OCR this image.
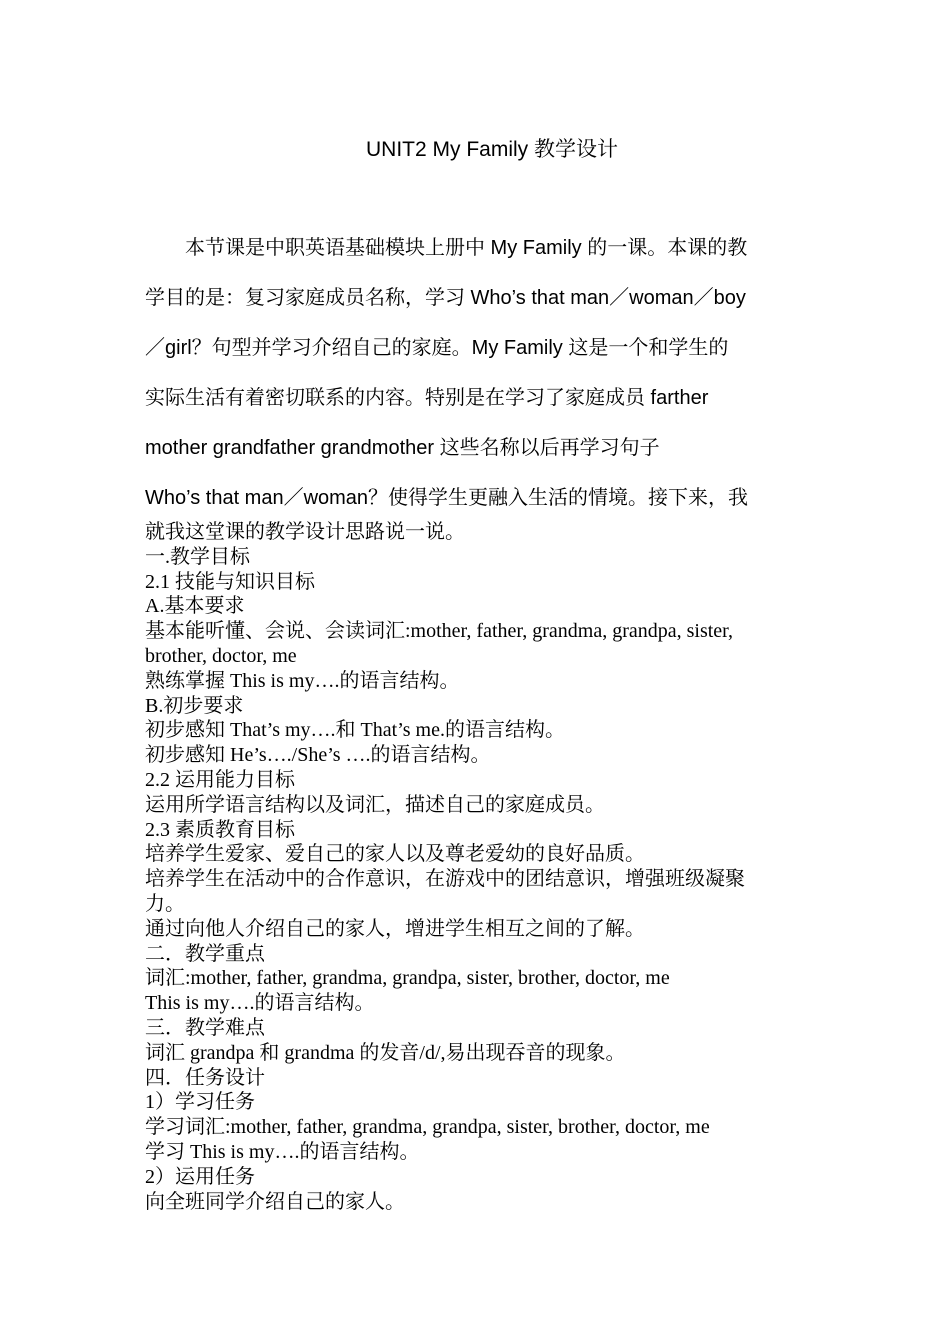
UNIT2 My Family 教学设计
　　本节课是中职英语基础模块上册中 My Family 的一课。本课的教
学目的是：复习家庭成员名称，学习 Who’s that man／woman／boy
／girl？句型并学习介绍自己的家庭。My Family 这是一个和学生的
实际生活有着密切联系的内容。特别是在学习了家庭成员 farther
mother grandfather grandmother 这些名称以后再学习句子
Who’s that man／woman？使得学生更融入生活的情境。接下来，我
就我这堂课的教学设计思路说一说。
一.教学目标
2.1 技能与知识目标
A.基本要求
基本能听懂、会说、会读词汇:mother, father, grandma, grandpa, sister,
brother, doctor, me
熟练掌握 This is my….的语言结构。
B.初步要求
初步感知 That’s my….和 That’s me.的语言结构。
初步感知 He’s…./She’s ….的语言结构。
2.2 运用能力目标
运用所学语言结构以及词汇，描述自己的家庭成员。
2.3 素质教育目标
培养学生爱家、爱自己的家人以及尊老爱幼的良好品质。
培养学生在活动中的合作意识，在游戏中的团结意识，增强班级凝聚
力。
通过向他人介绍自己的家人，增进学生相互之间的了解。
二．教学重点
词汇:mother, father, grandma, grandpa, sister, brother, doctor, me
This is my….的语言结构。
三．教学难点
词汇 grandpa 和 grandma 的发音/d/,易出现吞音的现象。
四．任务设计
1）学习任务
学习词汇:mother, father, grandma, grandpa, sister, brother, doctor, me
学习 This is my….的语言结构。
2）运用任务
向全班同学介绍自己的家人。
